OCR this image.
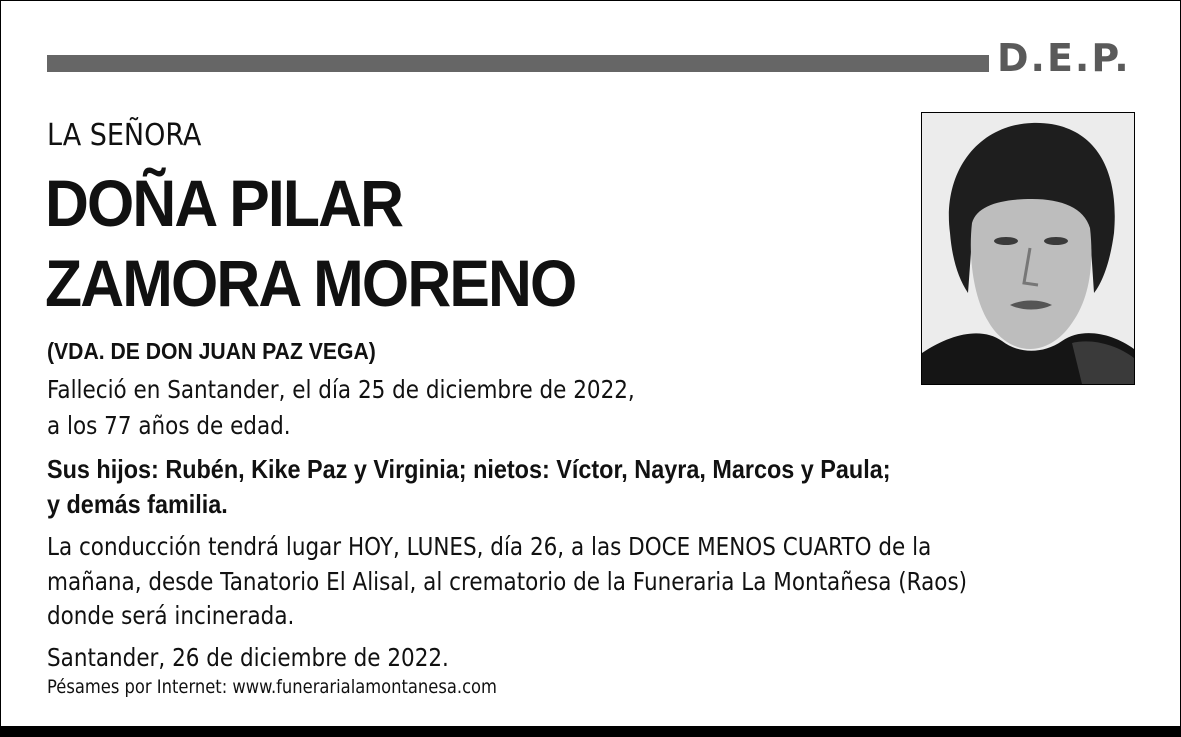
D.E.P.
LA SEÑORA
DOÑA PILAR
ZAMORA MORENO
(VDA. DE DON JUAN PAZ VEGA)
Falleció en Santander, el día 25 de diciembre de 2022,
a los 77 años de edad.
Sus hijos: Rubén, Kike Paz y Virginia; nietos: Víctor, Nayra, Marcos y Paula;
y demás familia.
La conducción tendrá lugar HOY, LUNES, día 26, a las DOCE MENOS CUARTO de la
mañana, desde Tanatorio El Alisal, al crematorio de la Funeraria La Montañesa (Raos)
donde será incinerada.
Santander, 26 de diciembre de 2022.
Pésames por Internet: www.funerarialamontanesa.com
